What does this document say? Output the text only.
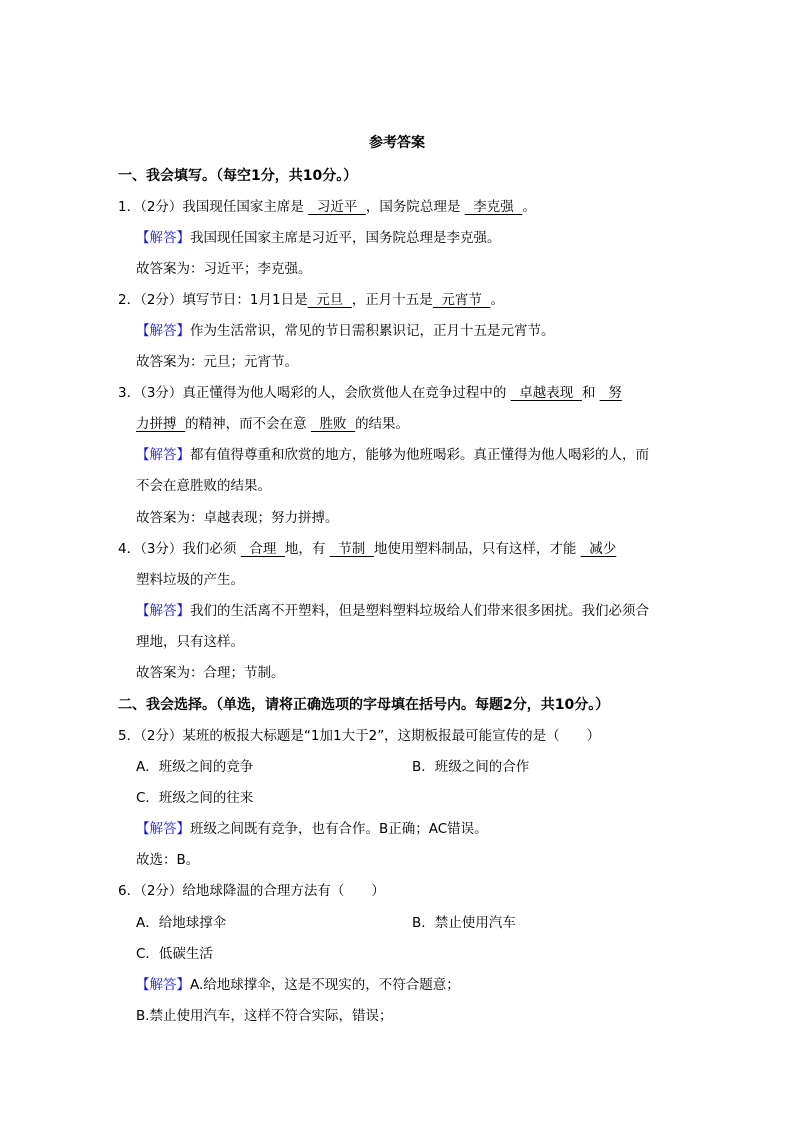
参考答案
一、我会填写。（每空1分，共10分。）
1．（2分）我国现任国家主席是   习近平  ，国务院总理是   李克强  。
【解答】我国现任国家主席是习近平，国务院总理是李克强。
故答案为：习近平；李克强。
2．（2分）填写节日：1月1日是  元旦  ，正月十五是  元宵节  。
【解答】作为生活常识，常见的节日需积累识记，正月十五是元宵节。
故答案为：元旦；元宵节。
3．（3分）真正懂得为他人喝彩的人，会欣赏他人在竞争过程中的   卓越表现  和   努
力拼搏  的精神，而不会在意   胜败  的结果。
【解答】都有值得尊重和欣赏的地方，能够为他班喝彩。真正懂得为他人喝彩的人，而
不会在意胜败的结果。
故答案为：卓越表现；努力拼搏。
4．（3分）我们必须   合理  地，有   节制  地使用塑料制品，只有这样，才能   减少
塑料垃圾的产生。
【解答】我们的生活离不开塑料，但是塑料塑料垃圾给人们带来很多困扰。我们必须合
理地，只有这样。
故答案为：合理；节制。
二、我会选择。（单选，请将正确选项的字母填在括号内。每题2分，共10分。）
5．（2分）某班的板报大标题是“1加1大于2”，这期板报最可能宣传的是（　　）
A．班级之间的竞争	B．班级之间的合作
C．班级之间的往来
【解答】班级之间既有竞争，也有合作。B正确；AC错误。
故选：B。
6．（2分）给地球降温的合理方法有（　　）
A．给地球撑伞	B．禁止使用汽车
C．低碳生活
【解答】A.给地球撑伞，这是不现实的，不符合题意；
B.禁止使用汽车，这样不符合实际，错误；
